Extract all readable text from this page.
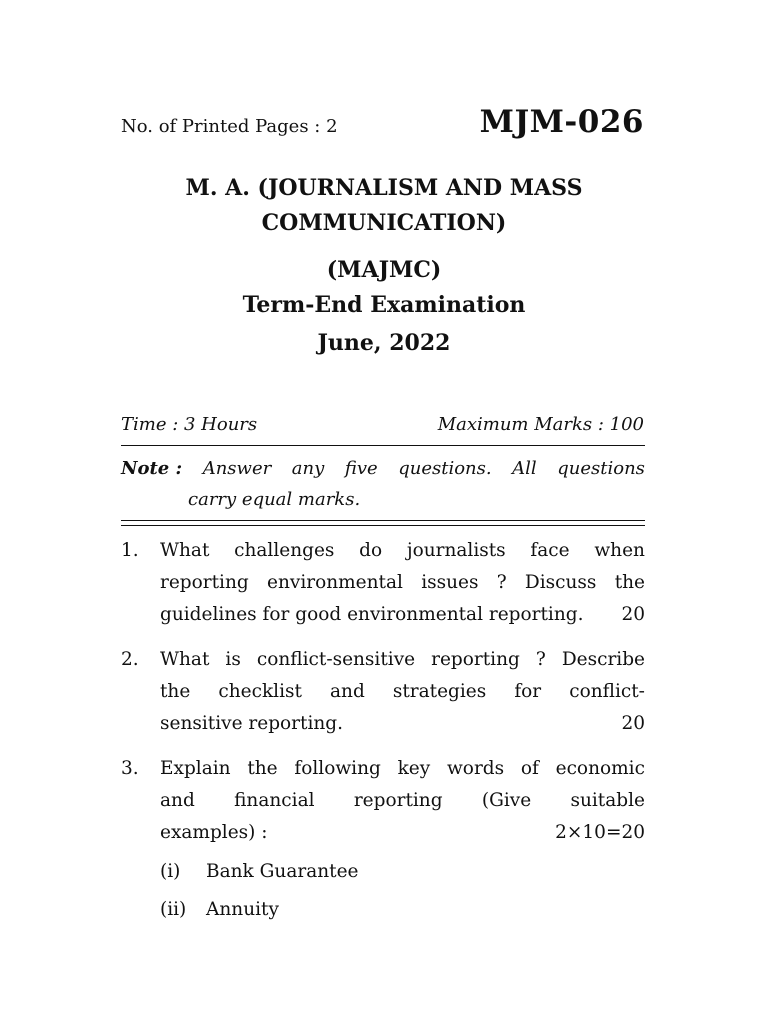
No. of Printed Pages : 2	MJM-026
M. A. (JOURNALISM AND MASS
COMMUNICATION)
(MAJMC)
Term-End Examination
June, 2022
Time : 3 Hours	Maximum Marks : 100
Note : Answer any five questions. All questions
carry equal marks.
1. What challenges do journalists face when
reporting environmental issues ? Discuss the
guidelines for good environmental reporting. 20
2. What is conflict-sensitive reporting ? Describe
the checklist and strategies for conflict-
sensitive reporting.	20
3. Explain the following key words of economic
and financial reporting (Give suitable
examples) :	2×10=20
(i) Bank Guarantee
(ii) Annuity
